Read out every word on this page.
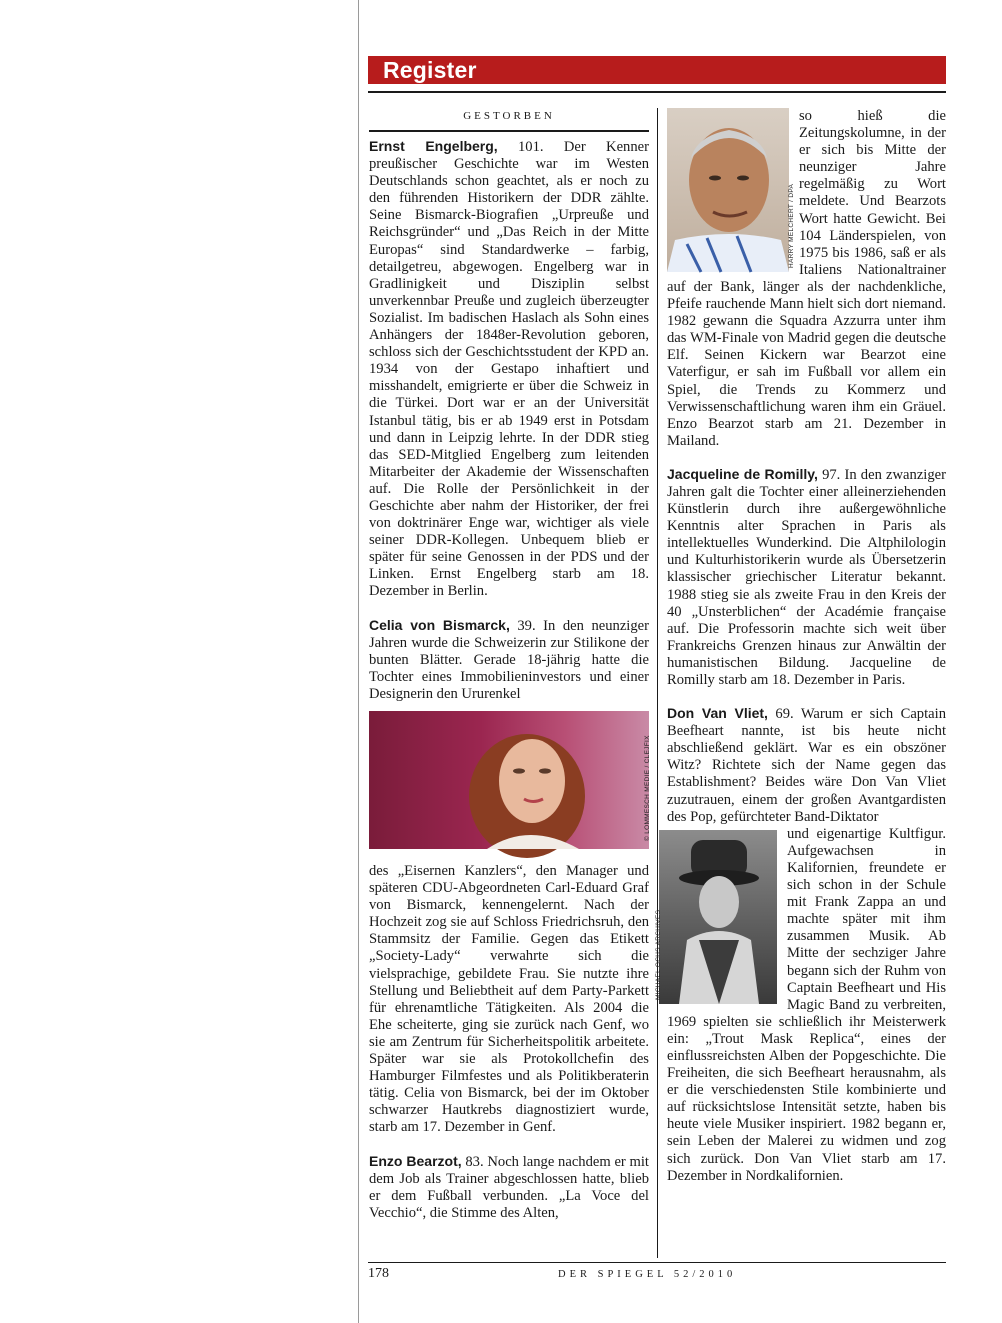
Register
GESTORBEN

Ernst Engelberg, 101. Der Kenner preußischer Geschichte war im Westen Deutschlands schon geachtet, als er noch zu den führenden Historikern der DDR zählte. Seine Bismarck-Biografien „Urpreuße und Reichsgründer“ und „Das Reich in der Mitte Europas“ sind Standardwerke – farbig, detailgetreu, abgewogen. Engelberg war in Gradlinigkeit und Disziplin selbst unverkennbar Preuße und zugleich überzeugter Sozialist. Im badischen Haslach als Sohn eines Anhängers der 1848er-Revolution geboren, schloss sich der Geschichtsstudent der KPD an. 1934 von der Gestapo inhaftiert und misshandelt, emigrierte er über die Schweiz in die Türkei. Dort war er an der Universität Istanbul tätig, bis er ab 1949 erst in Potsdam und dann in Leipzig lehrte. In der DDR stieg das SED-Mitglied Engelberg zum leitenden Mitarbeiter der Akademie der Wissenschaften auf. Die Rolle der Persönlichkeit in der Geschichte aber nahm der Historiker, der frei von doktrinärer Enge war, wichtiger als viele seiner DDR-Kollegen. Unbequem blieb er später für seine Genossen in der PDS und der Linken. Ernst Engelberg starb am 18. Dezember in Berlin.

Celia von Bismarck, 39. In den neunziger Jahren wurde die Schweizerin zur Stilikone der bunten Blätter. Gerade 18-jährig hatte die Tochter eines Immobilieninvestors und einer Designerin den Ururenkel

© LOMMESCH MEDIE / CLEJFIX

des „Eisernen Kanzlers“, den Manager und späteren CDU-Abgeordneten Carl-Eduard Graf von Bismarck, kennengelernt. Nach der Hochzeit zog sie auf Schloss Friedrichsruh, den Stammsitz der Familie. Gegen das Etikett „Society-Lady“ verwahrte sich die vielsprachige, gebildete Frau. Sie nutzte ihre Stellung und Beliebtheit auf dem Party-Parkett für ehrenamtliche Tätigkeiten. Als 2004 die Ehe scheiterte, ging sie zurück nach Genf, wo sie am Zentrum für Sicherheitspolitik arbeitete. Später war sie als Protokollchefin des Hamburger Filmfestes und als Politikberaterin tätig. Celia von Bismarck, bei der im Oktober schwarzer Hautkrebs diagnostiziert wurde, starb am 17. Dezember in Genf.

Enzo Bearzot, 83. Noch lange nachdem er mit dem Job als Trainer abgeschlossen hatte, blieb er dem Fußball verbunden. „La Voce del Vecchio“, die Stimme des Alten,

HARRY MELCHERT / DPA

so hieß die Zeitungskolumne, in der er sich bis Mitte der neunziger Jahre regelmäßig zu Wort meldete. Und Bearzots Wort hatte Gewicht. Bei 104 Länderspielen, von 1975 bis 1986, saß er als Italiens Nationaltrainer auf der Bank, länger als der nachdenkliche, Pfeife rauchende Mann hielt sich dort niemand. 1982 gewann die Squadra Azzurra unter ihm das WM-Finale von Madrid gegen die deutsche Elf. Seinen Kickern war Bearzot eine Vaterfigur, er sah im Fußball vor allem ein Spiel, die Trends zu Kommerz und Verwissenschaftlichung waren ihm ein Gräuel. Enzo Bearzot starb am 21. Dezember in Mailand.

Jacqueline de Romilly, 97. In den zwanziger Jahren galt die Tochter einer alleinerziehenden Künstlerin durch ihre außergewöhnliche Kenntnis alter Sprachen in Paris als intellektuelles Wunderkind. Die Altphilologin und Kulturhistorikerin wurde als Übersetzerin klassischer griechischer Literatur bekannt. 1988 stieg sie als zweite Frau in den Kreis der 40 „Unsterblichen“ der Académie française auf. Die Professorin machte sich weit über Frankreichs Grenzen hinaus zur Anwältin der humanistischen Bildung. Jacqueline de Romilly starb am 18. Dezember in Paris.

Don Van Vliet, 69. Warum er sich Captain Beefheart nannte, ist bis heute nicht abschließend geklärt. War es ein obszöner Witz? Richtete sich der Name gegen das Establishment? Beides wäre Don Van Vliet zuzutrauen, einem der großen Avantgardisten des Pop, gefürchteter Band-Diktator

MICHAEL OCHS ARCHIVES

und eigenartige Kultfigur. Aufgewachsen in Kalifornien, freundete er sich schon in der Schule mit Frank Zappa an und machte später mit ihm zusammen Musik. Ab Mitte der sechziger Jahre begann sich der Ruhm von Captain Beefheart und His Magic Band zu verbreiten, 1969 spielten sie schließlich ihr Meisterwerk ein: „Trout Mask Replica“, eines der einflussreichsten Alben der Popgeschichte. Die Freiheiten, die sich Beefheart herausnahm, als er die verschiedensten Stile kombinierte und auf rücksichtslose Intensität setzte, haben bis heute viele Musiker inspiriert. 1982 begann er, sein Leben der Malerei zu widmen und zog sich zurück. Don Van Vliet starb am 17. Dezember in Nordkalifornien.

178	DER SPIEGEL 52/2010
